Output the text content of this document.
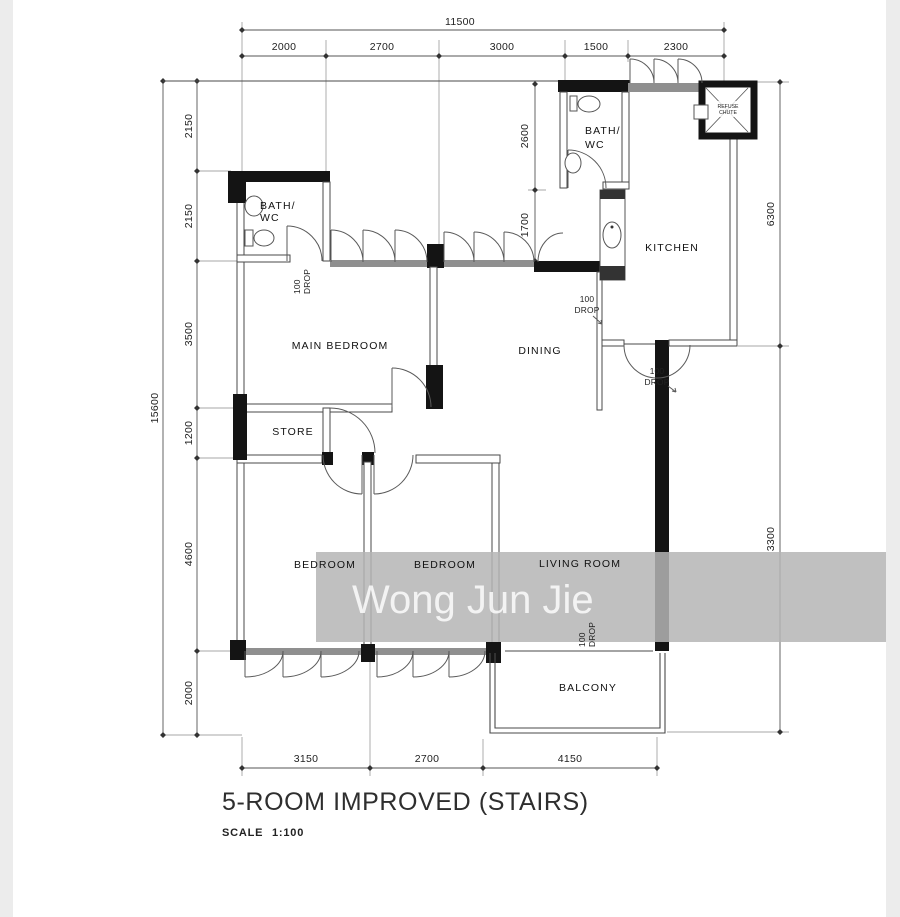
11500
2000	2700	3000	1500	2300
15600
2150
2150
3500
1200
4600
2000
6300
3300
3150	2700	4150
2600
1700
REFUSE
CHUTE
Wong Jun Jie
BATH/
WC
BATH/
WC
MAIN BEDROOM
STORE
BEDROOM	BEDROOM	LIVING ROOM
DINING
KITCHEN
BALCONY
100 DROP
100
DROP
100
DROP
100 DROP
5-ROOM IMPROVED (STAIRS)
SCALE 1:100
